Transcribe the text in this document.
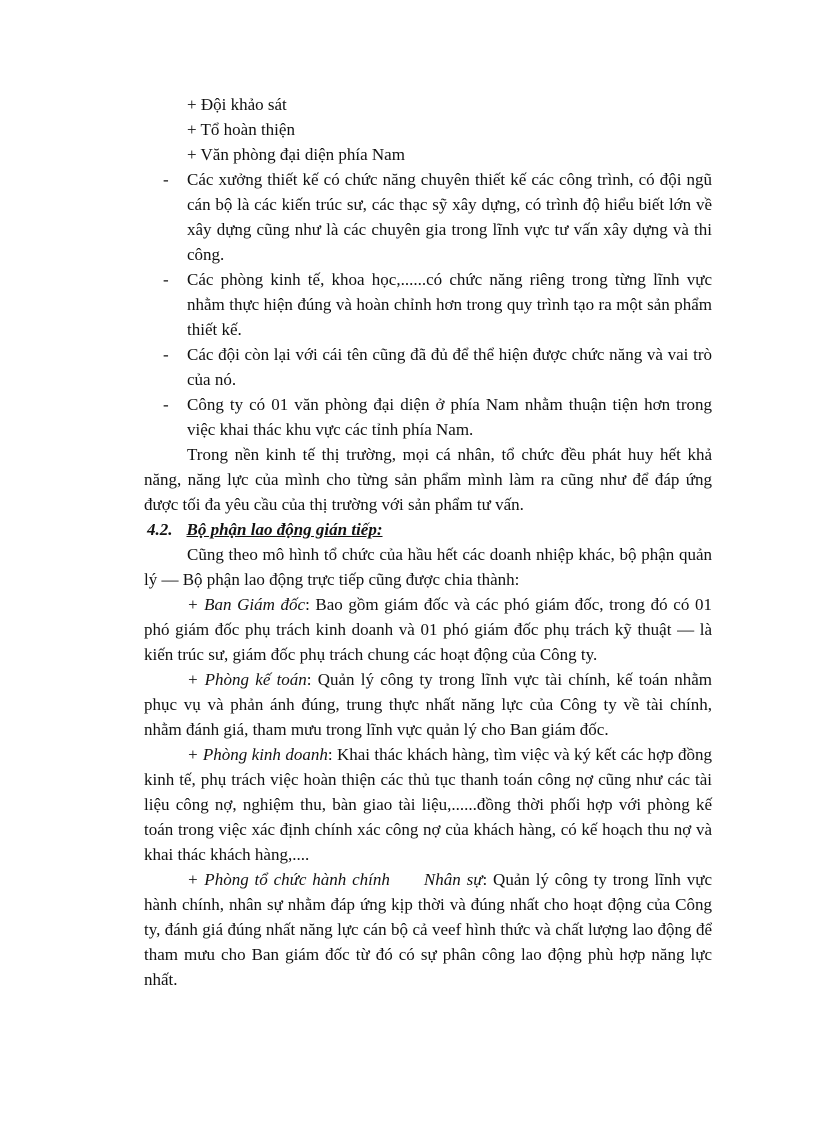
+ Đội khảo sát

+ Tổ hoàn thiện

+ Văn phòng đại diện phía Nam

- Các xưởng thiết kế có chức năng chuyên thiết kế các công trình, có đội ngũ cán bộ là các kiến trúc sư, các thạc sỹ xây dựng, có trình độ hiểu biết lớn về xây dựng cũng như là các chuyên gia trong lĩnh vực tư vấn xây dựng và thi công.
- Các phòng kinh tế, khoa học,......có chức năng riêng trong từng lĩnh vực nhằm thực hiện đúng và hoàn chỉnh hơn trong quy trình tạo ra một sản phẩm thiết kế.
- Các đội còn lại với cái tên cũng đã đủ để thể hiện được chức năng và vai trò của nó.
- Công ty có 01 văn phòng đại diện ở phía Nam nhằm thuận tiện hơn trong việc khai thác khu vực các tỉnh phía Nam.

Trong nền kinh tế thị trường, mọi cá nhân, tổ chức đều phát huy hết khả năng, năng lực của mình cho từng sản phẩm mình làm ra cũng như để đáp ứng được tối đa yêu cầu của thị trường với sản phẩm tư vấn.

4.2. Bộ phận lao động gián tiếp:

Cũng theo mô hình tổ chức của hầu hết các doanh nhiệp khác, bộ phận quản lý — Bộ phận lao động trực tiếp cũng được chia thành:

+ Ban Giám đốc: Bao gồm giám đốc và các phó giám đốc, trong đó có 01 phó giám đốc phụ trách kinh doanh và 01 phó giám đốc phụ trách kỹ thuật — là kiến trúc sư, giám đốc phụ trách chung các hoạt động của Công ty.

+ Phòng kế toán: Quản lý công ty trong lĩnh vực tài chính, kế toán nhằm phục vụ và phản ánh đúng, trung thực nhất năng lực của Công ty về tài chính, nhằm đánh giá, tham mưu trong lĩnh vực quản lý cho Ban giám đốc.

+ Phòng kinh doanh: Khai thác khách hàng, tìm việc và ký kết các hợp đồng kinh tế, phụ trách việc hoàn thiện các thủ tục thanh toán công nợ cũng như các tài liệu công nợ, nghiệm thu, bàn giao tài liệu,......đồng thời phối hợp với phòng kế toán trong việc xác định chính xác công nợ của khách hàng, có kế hoạch thu nợ và khai thác khách hàng,....

+ Phòng tổ chức hành chính Nhân sự: Quản lý công ty trong lĩnh vực hành chính, nhân sự nhằm đáp ứng kịp thời và đúng nhất cho hoạt động của Công ty, đánh giá đúng nhất năng lực cán bộ cả veef hình thức và chất lượng lao động để tham mưu cho Ban giám đốc từ đó có sự phân công lao động phù hợp năng lực nhất.
